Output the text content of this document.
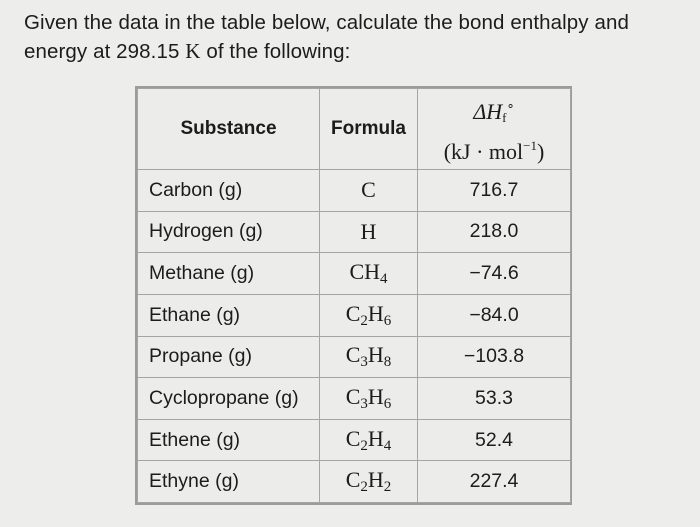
Given the data in the table below, calculate the bond enthalpy and energy at 298.15 K of the following:
Substance	Formula	$\Delta H_f^\circ$
(kJ · mol$^{-1}$)

Carbon (g)	C	716.7
Hydrogen (g)	H	218.0
Methane (g)	$CH_4$	−74.6
Ethane (g)	$C_2H_6$	−84.0
Propane (g)	$C_3H_8$	−103.8
Cyclopropane (g)	$C_3H_6$	53.3
Ethene (g)	$C_2H_4$	52.4
Ethyne (g)	$C_2H_2$	227.4
